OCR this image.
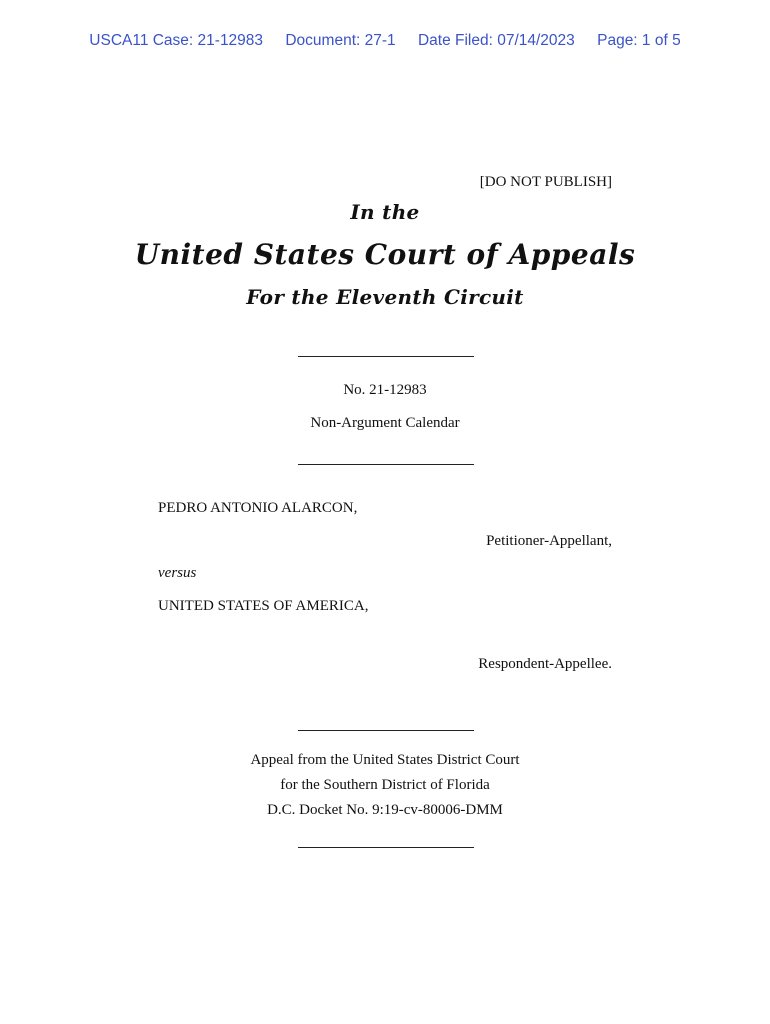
USCA11 Case: 21-12983 Document: 27-1 Date Filed: 07/14/2023 Page: 1 of 5
[DO NOT PUBLISH]
In the
United States Court of Appeals
For the Eleventh Circuit
No. 21-12983
Non-Argument Calendar
PEDRO ANTONIO ALARCON,
Petitioner-Appellant,
versus
UNITED STATES OF AMERICA,
Respondent-Appellee.
Appeal from the United States District Court
for the Southern District of Florida
D.C. Docket No. 9:19-cv-80006-DMM
